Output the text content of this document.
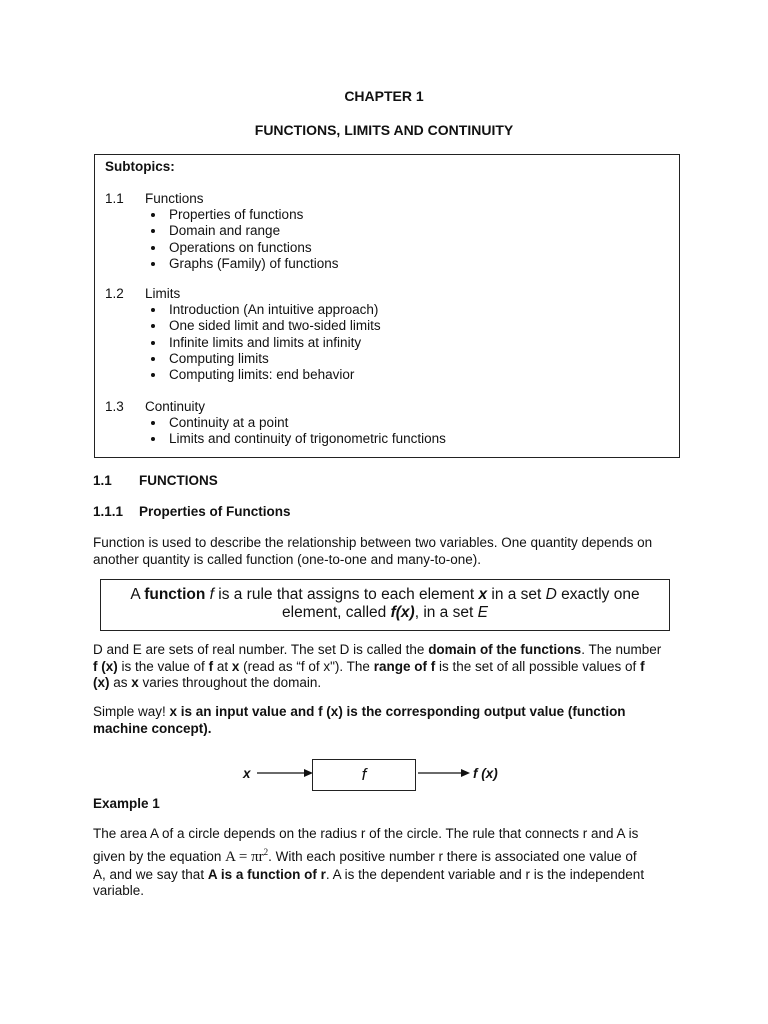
CHAPTER 1
FUNCTIONS, LIMITS AND CONTINUITY
Subtopics:
1.1 Functions
Properties of functions
Domain and range
Operations on functions
Graphs (Family) of functions
1.2 Limits
Introduction (An intuitive approach)
One sided limit and two-sided limits
Infinite limits and limits at infinity
Computing limits
Computing limits: end behavior
1.3 Continuity
Continuity at a point
Limits and continuity of trigonometric functions
1.1 FUNCTIONS
1.1.1 Properties of Functions

Function is used to describe the relationship between two variables. One quantity depends on

another quantity is called function (one-to-one and many-to-one).

A function f is a rule that assigns to each element x in a set D exactly one
element, called f(x), in a set E

D and E are sets of real number. The set D is called the domain of the functions. The number

f (x) is the value of f at x (read as “f of x"). The range of f is the set of all possible values of f

(x) as x varies throughout the domain.

Simple way! x is an input value and f (x) is the corresponding output value (function

machine concept).

x	f	f (x)
Example 1

The area A of a circle depends on the radius r of the circle. The rule that connects r and A is

given by the equation $A = \pi r^2$. With each positive number r there is associated one value of

A, and we say that A is a function of r. A is the dependent variable and r is the independent

variable.
